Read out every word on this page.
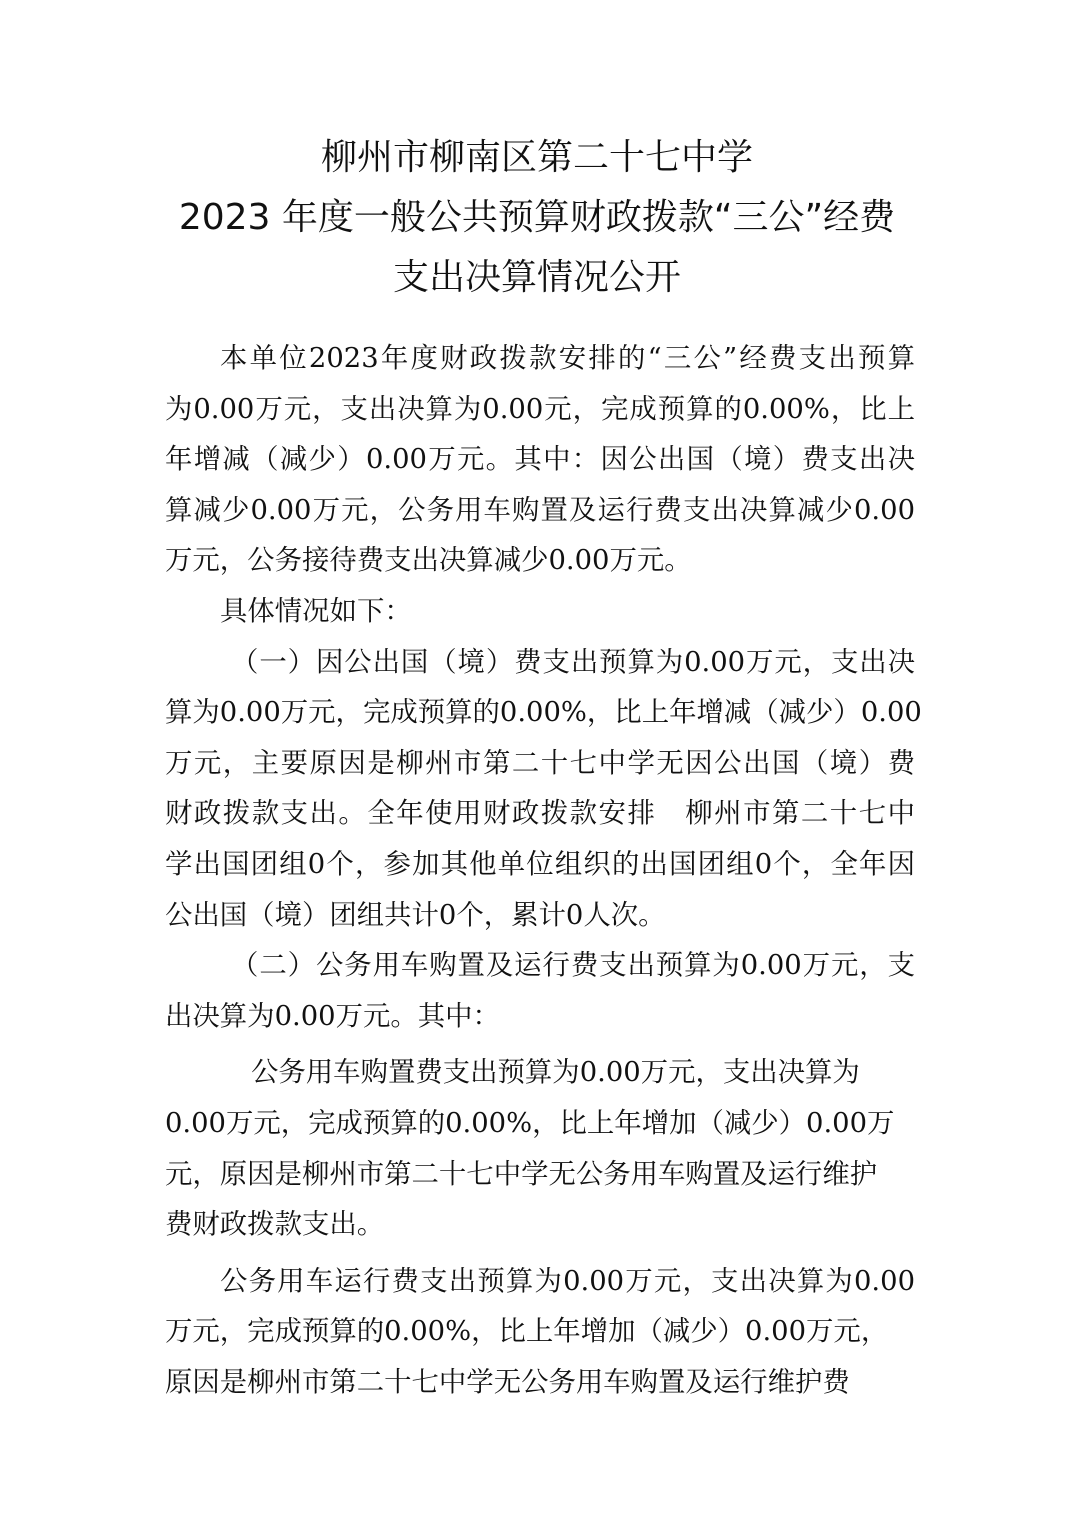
柳州市柳南区第二十七中学
2023 年度一般公共预算财政拨款“三公”经费
支出决算情况公开
本单位2023年度财政拨款安排的“三公”经费支出预算
为0.00万元，支出决算为0.00元，完成预算的0.00%，比上
年增减（减少）0.00万元。其中：因公出国（境）费支出决
算减少0.00万元，公务用车购置及运行费支出决算减少0.00
万元，公务接待费支出决算减少0.00万元。
具体情况如下：
（一）因公出国（境）费支出预算为0.00万元，支出决
算为0.00万元，完成预算的0.00%，比上年增减（减少）0.00
万元，主要原因是柳州市第二十七中学无因公出国（境）费
财政拨款支出。全年使用财政拨款安排　柳州市第二十七中
学出国团组0个，参加其他单位组织的出国团组0个，全年因
公出国（境）团组共计0个，累计0人次。
（二）公务用车购置及运行费支出预算为0.00万元，支
出决算为0.00万元。其中：
公务用车购置费支出预算为0.00万元，支出决算为
0.00万元，完成预算的0.00%，比上年增加（减少）0.00万
元，原因是柳州市第二十七中学无公务用车购置及运行维护
费财政拨款支出。
公务用车运行费支出预算为0.00万元，支出决算为0.00
万元，完成预算的0.00%，比上年增加（减少）0.00万元，
原因是柳州市第二十七中学无公务用车购置及运行维护费
